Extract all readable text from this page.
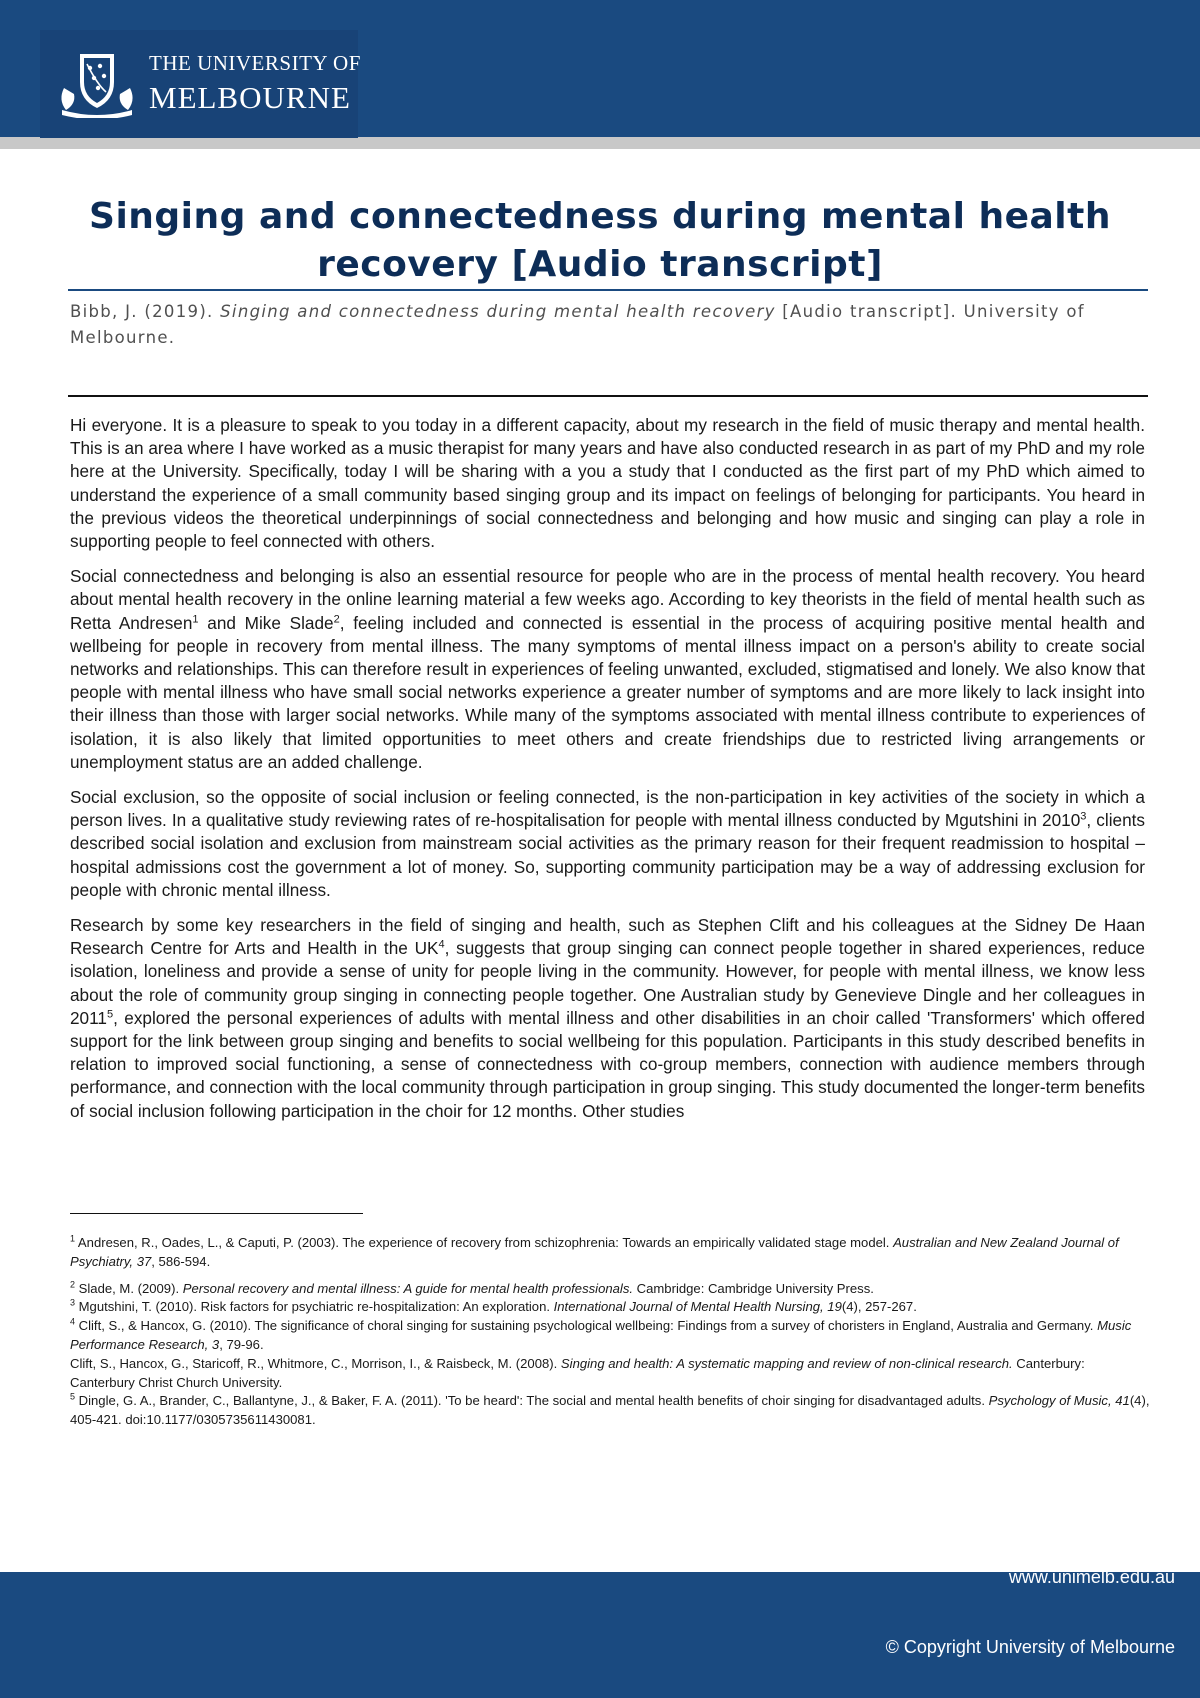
THE UNIVERSITY OF
MELBOURNE
Singing and connectedness during mental health recovery [Audio transcript]
Bibb, J. (2019). Singing and connectedness during mental health recovery [Audio transcript]. University of Melbourne.

Hi everyone. It is a pleasure to speak to you today in a different capacity, about my research in the field of music therapy and mental health. This is an area where I have worked as a music therapist for many years and have also conducted research in as part of my PhD and my role here at the University. Specifically, today I will be sharing with a you a study that I conducted as the first part of my PhD which aimed to understand the experience of a small community based singing group and its impact on feelings of belonging for participants. You heard in the previous videos the theoretical underpinnings of social connectedness and belonging and how music and singing can play a role in supporting people to feel connected with others.

Social connectedness and belonging is also an essential resource for people who are in the process of mental health recovery. You heard about mental health recovery in the online learning material a few weeks ago. According to key theorists in the field of mental health such as Retta Andresen$^1$ and Mike Slade$^2$, feeling included and connected is essential in the process of acquiring positive mental health and wellbeing for people in recovery from mental illness. The many symptoms of mental illness impact on a person's ability to create social networks and relationships. This can therefore result in experiences of feeling unwanted, excluded, stigmatised and lonely. We also know that people with mental illness who have small social networks experience a greater number of symptoms and are more likely to lack insight into their illness than those with larger social networks. While many of the symptoms associated with mental illness contribute to experiences of isolation, it is also likely that limited opportunities to meet others and create friendships due to restricted living arrangements or unemployment status are an added challenge.

Social exclusion, so the opposite of social inclusion or feeling connected, is the non-participation in key activities of the society in which a person lives. In a qualitative study reviewing rates of re-hospitalisation for people with mental illness conducted by Mgutshini in 2010$^3$, clients described social isolation and exclusion from mainstream social activities as the primary reason for their frequent readmission to hospital – hospital admissions cost the government a lot of money. So, supporting community participation may be a way of addressing exclusion for people with chronic mental illness.

Research by some key researchers in the field of singing and health, such as Stephen Clift and his colleagues at the Sidney De Haan Research Centre for Arts and Health in the $UK^4$, suggests that group singing can connect people together in shared experiences, reduce isolation, loneliness and provide a sense of unity for people living in the community. However, for people with mental illness, we know less about the role of community group singing in connecting people together. One Australian study by Genevieve Dingle and her colleagues in 2011$^5$, explored the personal experiences of adults with mental illness and other disabilities in an choir called 'Transformers' which offered support for the link between group singing and benefits to social wellbeing for this population. Participants in this study described benefits in relation to improved social functioning, a sense of connectedness with co-group members, connection with audience members through performance, and connection with the local community through participation in group singing. This study documented the longer-term benefits of social inclusion following participation in the choir for 12 months. Other studies

$^1$ Andresen, R., Oades, L., & Caputi, P. (2003). The experience of recovery from schizophrenia: Towards an empirically validated stage model. Australian and New Zealand Journal of Psychiatry, 37, 586-594.

$^2$ Slade, M. (2009). Personal recovery and mental illness: A guide for mental health professionals. Cambridge: Cambridge University Press.

$^3$ Mgutshini, T. (2010). Risk factors for psychiatric re-hospitalization: An exploration. International Journal of Mental Health Nursing, 19(4), 257-267.

$^4$ Clift, S., & Hancox, G. (2010). The significance of choral singing for sustaining psychological wellbeing: Findings from a survey of choristers in England, Australia and Germany. Music Performance Research, 3, 79-96.

Clift, S., Hancox, G., Staricoff, R., Whitmore, C., Morrison, I., & Raisbeck, M. (2008). Singing and health: A systematic mapping and review of non-clinical research. Canterbury: Canterbury Christ Church University.

$^5$ Dingle, G. A., Brander, C., Ballantyne, J., & Baker, F. A. (2011). 'To be heard': The social and mental health benefits of choir singing for disadvantaged adults. Psychology of Music, 41(4), 405-421. doi:10.1177/0305735611430081.

www.unimelb.edu.au
© Copyright University of Melbourne
